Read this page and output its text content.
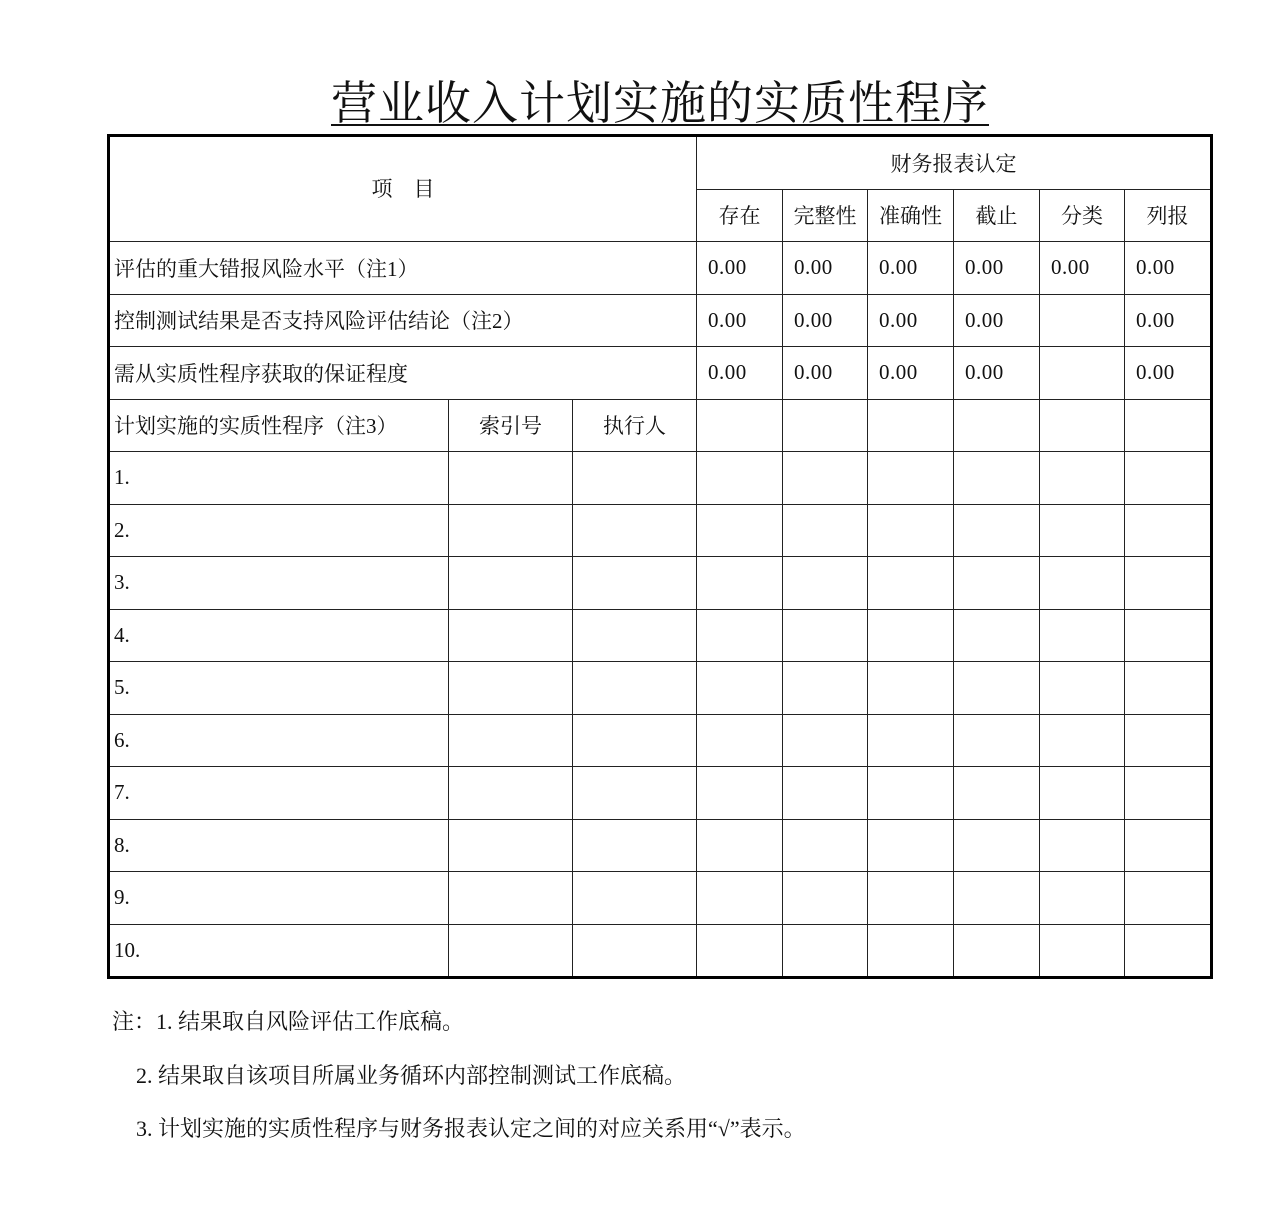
营业收入计划实施的实质性程序
项　目			财务报表认定					
			存在	完整性	准确性	截止	分类	列报
评估的重大错报风险水平（注1）			0.00	0.00	0.00	0.00	0.00	0.00
控制测试结果是否支持风险评估结论（注2）			0.00	0.00	0.00	0.00		0.00
需从实质性程序获取的保证程度			0.00	0.00	0.00	0.00		0.00
计划实施的实质性程序（注3）	索引号	执行人						
1.								
2.								
3.								
4.								
5.								
6.								
7.								
8.								
9.								
10.								
注：1. 结果取自风险评估工作底稿。
2. 结果取自该项目所属业务循环内部控制测试工作底稿。
3. 计划实施的实质性程序与财务报表认定之间的对应关系用“√”表示。
